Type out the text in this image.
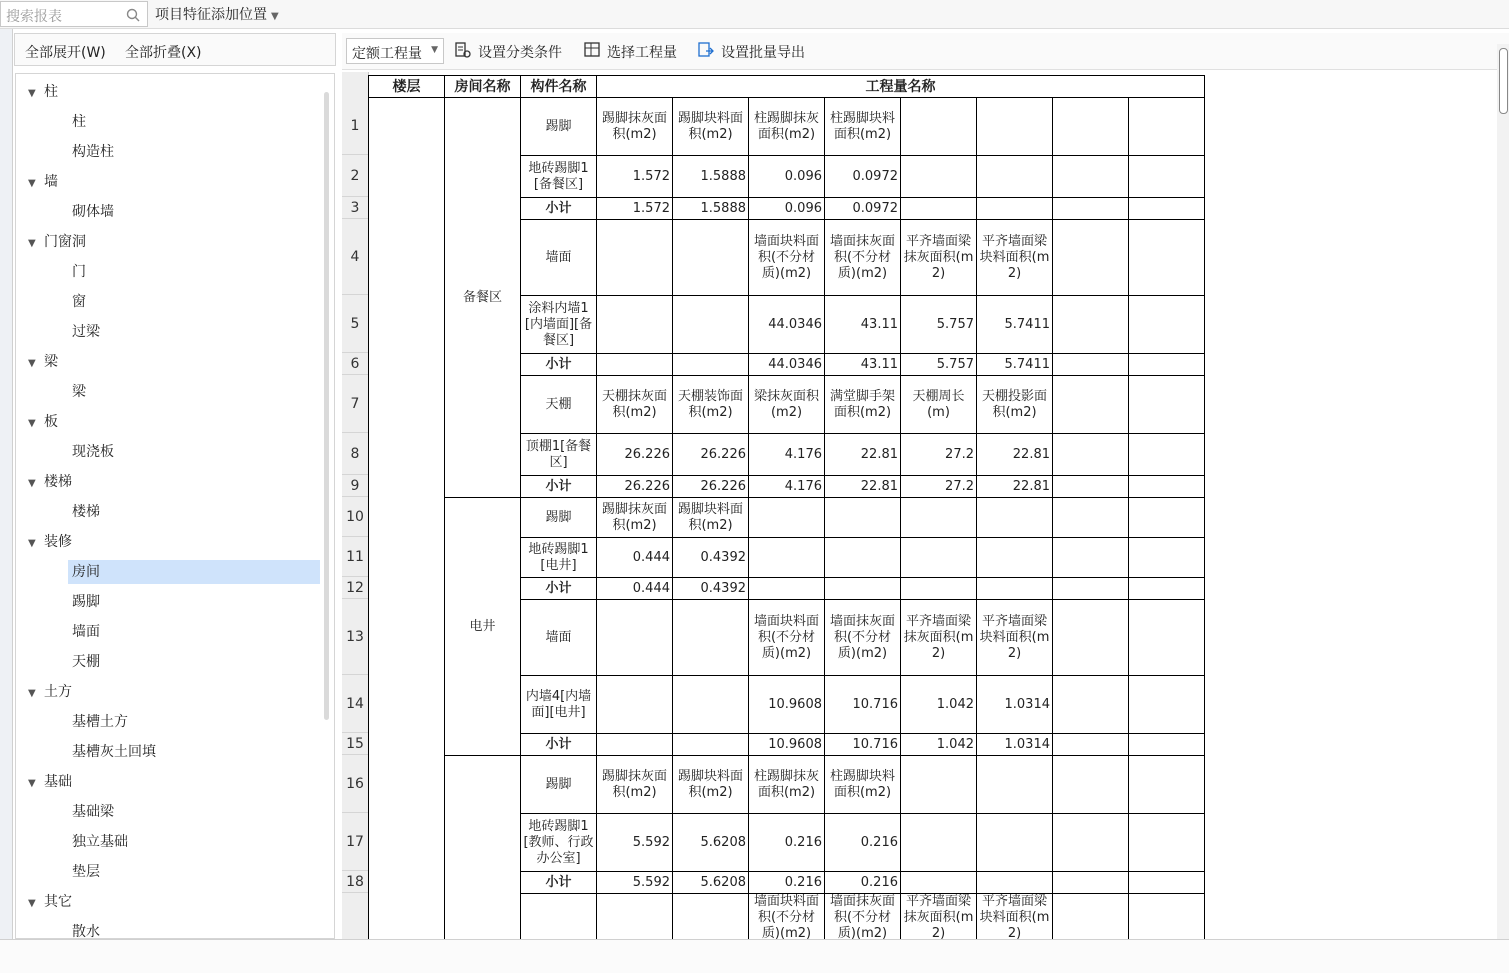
搜索报表	项目特征添加位置 ▼
全部展开(W) 全部折叠(X)
▼ 柱
柱
构造柱
▼ 墙
砌体墙
▼ 门窗洞
门
窗
过梁
▼ 梁
梁
▼ 板
现浇板
▼ 楼梯
楼梯
▼ 装修
房间
踢脚
墙面
天棚
▼ 土方
基槽土方
基槽灰土回填
▼ 基础
基础梁
独立基础
垫层
▼ 其它
散水
定额工程量 ▼	设置分类条件	选择工程量	设置批量导出
1
2
3
4
5
6
7
8
9
10
11
12
13
14
15
16
17
18
楼层	房间名称	构件名称	工程量名称							
	备餐区	踢脚	踢脚抹灰面积(m2)	踢脚块料面积(m2)	柱踢脚抹灰面积(m2)	柱踢脚块料面积(m2)				
		地砖踢脚1[备餐区]	1.572	1.5888	0.096	0.0972				
		小计	1.572	1.5888	0.096	0.0972				
		墙面			墙面块料面积(不分材质)(m2)	墙面抹灰面积(不分材质)(m2)	平齐墙面梁抹灰面积(m2)	平齐墙面梁块料面积(m2)		
		涂料内墙1[内墙面][备餐区]			44.0346	43.11	5.757	5.7411		
		小计			44.0346	43.11	5.757	5.7411		
		天棚	天棚抹灰面积(m2)	天棚装饰面积(m2)	梁抹灰面积(m2)	满堂脚手架面积(m2)	天棚周长(m)	天棚投影面积(m2)		
		顶棚1[备餐区]	26.226	26.226	4.176	22.81	27.2	22.81		
		小计	26.226	26.226	4.176	22.81	27.2	22.81		
	电井	踢脚	踢脚抹灰面积(m2)	踢脚块料面积(m2)						
		地砖踢脚1[电井]	0.444	0.4392						
		小计	0.444	0.4392						
		墙面			墙面块料面积(不分材质)(m2)	墙面抹灰面积(不分材质)(m2)	平齐墙面梁抹灰面积(m2)	平齐墙面梁块料面积(m2)		
		内墙4[内墙面][电井]			10.9608	10.716	1.042	1.0314		
		小计			10.9608	10.716	1.042	1.0314		
		踢脚	踢脚抹灰面积(m2)	踢脚块料面积(m2)	柱踢脚抹灰面积(m2)	柱踢脚块料面积(m2)				
		地砖踢脚1[教师、行政办公室]	5.592	5.6208	0.216	0.216				
		小计	5.592	5.6208	0.216	0.216				
					墙面块料面积(不分材质)(m2)	墙面抹灰面积(不分材质)(m2)	平齐墙面梁抹灰面积(m2)	平齐墙面梁块料面积(m2)		
